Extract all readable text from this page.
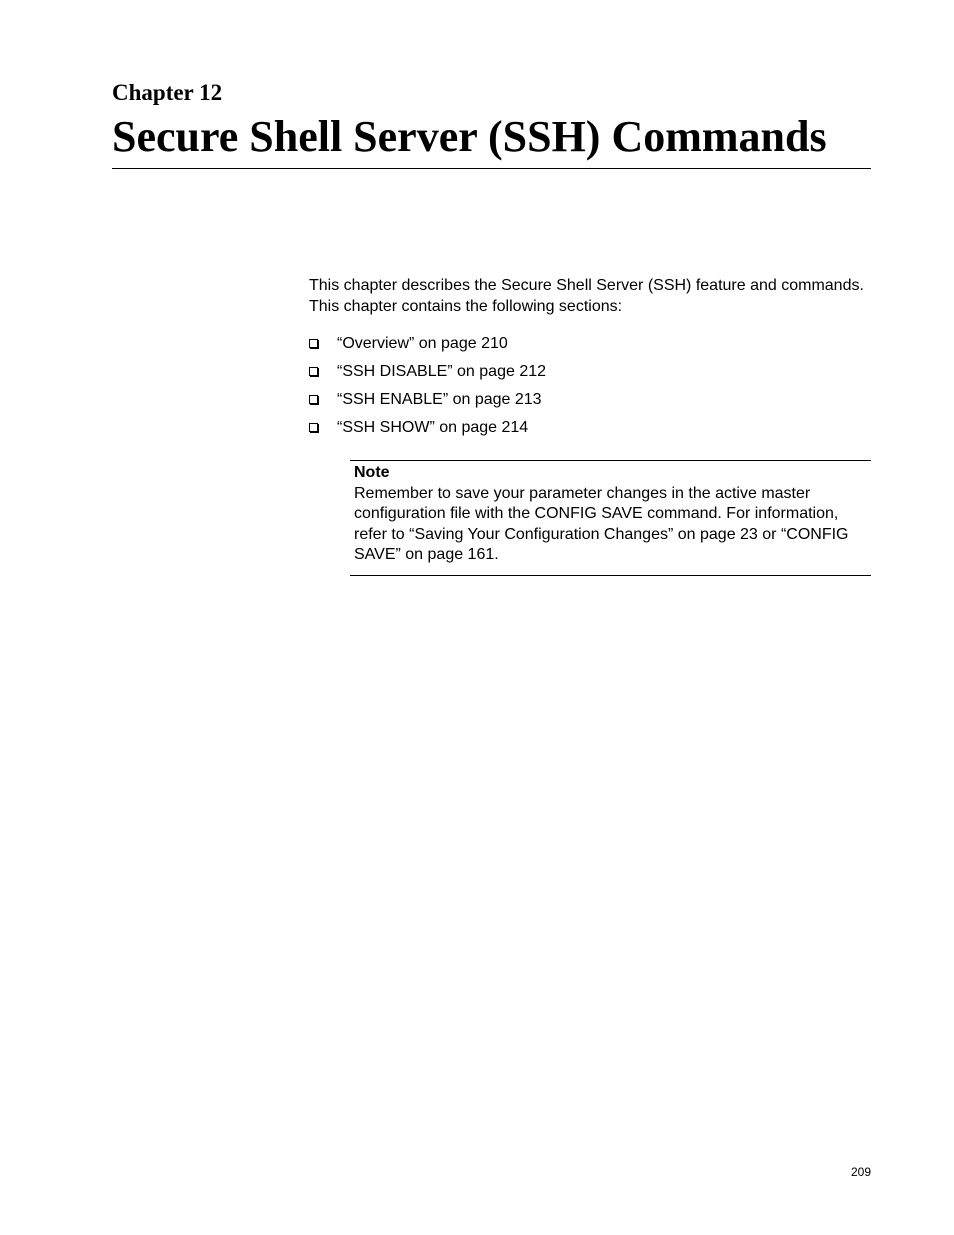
Chapter 12
Secure Shell Server (SSH) Commands

This chapter describes the Secure Shell Server (SSH) feature and commands. This chapter contains the following sections:

“Overview” on page 210
“SSH DISABLE” on page 212
“SSH ENABLE” on page 213
“SSH SHOW” on page 214

Note

Remember to save your parameter changes in the active master configuration file with the CONFIG SAVE command. For information, refer to “Saving Your Configuration Changes” on page 23 or “CONFIG SAVE” on page 161.

209
